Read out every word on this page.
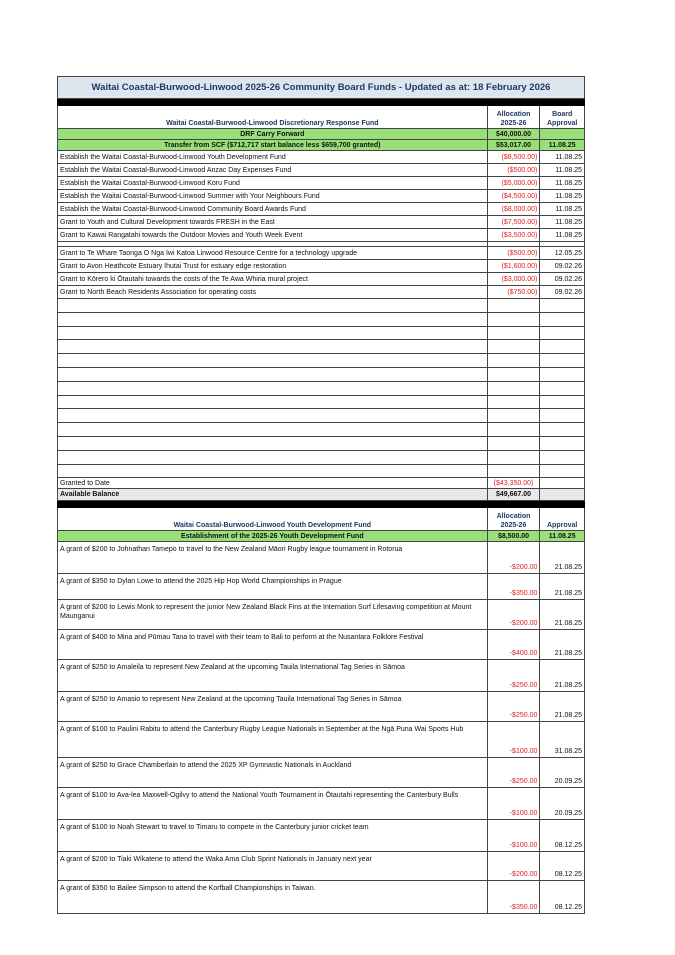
Waitai Coastal-Burwood-Linwood 2025-26 Community Board Funds - Updated as at: 18 February 2026		

Waitai Coastal-Burwood-Linwood Discretionary Response Fund	Allocation 2025-26	Board Approval
DRF Carry Forward	$40,000.00	
Transfer from SCF ($712,717 start balance less $659,700 granted)	$53,017.00	11.08.25
Establish the Waitai Coastal-Burwood-Linwood Youth Development Fund	($8,500.00)	11.08.25
Establish the Waitai Coastal-Burwood-Linwood Anzac Day Expenses Fund	($500.00)	11.08.25
Establish the Waitai Coastal-Burwood-Linwood Koru Fund	($5,000.00)	11.08.25
Establish the Waitai Coastal-Burwood-Linwood Summer with Your Neighbours Fund	($4,500.00)	11.08.25
Establish the Waitai Coastal-Burwood-Linwood Community Board Awards Fund	($8,000.00)	11.08.25
Grant to Youth and Cultural Development towards FRESH in the East	($7,500.00)	11.08.25
Grant to Kawai Rangatahi towards the Outdoor Movies and Youth Week Event	($3,500.00)	11.08.25

Grant to Te Whare Taonga O Nga Iwi Katoa Linwood Resource Centre for a technology upgrade	($500.00)	12.05.25
Grant to Avon Heathcote Estuary Ihutai Trust for estuary edge restoration	($1,600.00)	09.02.26
Grant to Kōrero ki Ōtautahi towards the costs of the Te Awa Whiria mural project	($3,000.00)	09.02.26
Grant to North Beach Residents Association for operating costs	($750.00)	09.02.26

Granted to Date	($43,350.00)	
Available Balance	$49,667.00	

Waitai Coastal-Burwood-Linwood Youth Development Fund	Allocation 2025-26	Approval
Establishment of the 2025-26 Youth Development Fund	$8,500.00	11.08.25
A grant of $200 to Johnathan Tamepo to travel to the New Zealand Māori Rugby league tournament in Rotorua	-$200.00	21.08.25
A grant of $350 to Dylan Lowe to attend the 2025 Hip Hop World Championships in Prague	-$350.00	21.08.25
A grant of $200 to Lewis Monk to represent the junior New Zealand Black Fins at the Internation Surf Lifesaving competition at Mount Maunganui	-$200.00	21.08.25
A grant of $400 to Mina and Pūmau Tana to travel with their team to Bali to perform at the Nusantara Folklore Festival	-$400.00	21.08.25
A grant of $250 to Amaleila to represent New Zealand at the upcoming Tauila International Tag Series in Sāmoa	-$250.00	21.08.25
A grant of $250 to Amasio to represent New Zealand at the upcoming Tauila International Tag Series in Sāmoa	-$250.00	21.08.25
A grant of $100 to Paulini Rabitu to attend the Canterbury Rugby League Nationals in September at the Ngā Puna Wai Sports Hub	-$100.00	31.08.25
A grant of $250 to Grace Chamberlain to attend the 2025 XP Gymnastic Nationals in Auckland	-$250.00	20.09.25
A grant of $100 to Ava-lea Maxwell-Ogilvy to attend the National Youth Tournament in Ōtautahi representing the Canterbury Bulls	-$100.00	20.09.25
A grant of $100 to Noah Stewart to travel to Timaru to compete in the Canterbury junior cricket team	-$100.00	08.12.25
A grant of $200 to Tiaki Wikatene to attend the Waka Ama Club Sprint Nationals in January next year	-$200.00	08.12.25
A grant of $350 to Bailee Simpson to attend the Korfball Championships in Taiwan.	-$350.00	08.12.25
